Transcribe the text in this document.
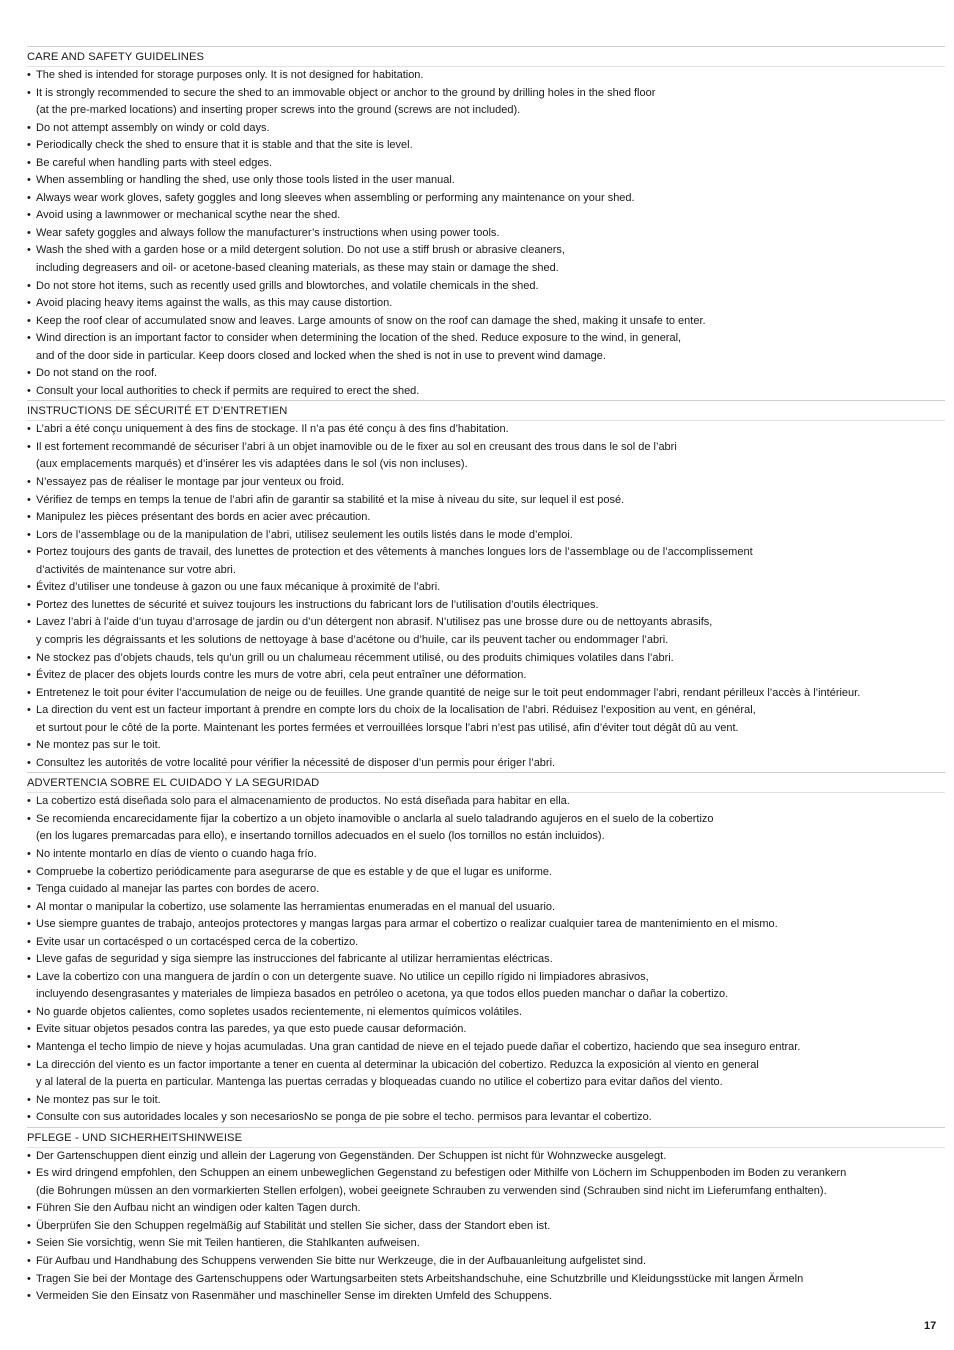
CARE AND SAFETY GUIDELINES
• The shed is intended for storage purposes only. It is not designed for habitation.
• It is strongly recommended to secure the shed to an immovable object or anchor to the ground by drilling holes in the shed floor
(at the pre-marked locations) and inserting proper screws into the ground (screws are not included).
• Do not attempt assembly on windy or cold days.
• Periodically check the shed to ensure that it is stable and that the site is level.
• Be careful when handling parts with steel edges.
• When assembling or handling the shed, use only those tools listed in the user manual.
• Always wear work gloves, safety goggles and long sleeves when assembling or performing any maintenance on your shed.
• Avoid using a lawnmower or mechanical scythe near the shed.
• Wear safety goggles and always follow the manufacturer’s instructions when using power tools.
• Wash the shed with a garden hose or a mild detergent solution. Do not use a stiff brush or abrasive cleaners,
including degreasers and oil- or acetone-based cleaning materials, as these may stain or damage the shed.
• Do not store hot items, such as recently used grills and blowtorches, and volatile chemicals in the shed.
• Avoid placing heavy items against the walls, as this may cause distortion.
• Keep the roof clear of accumulated snow and leaves. Large amounts of snow on the roof can damage the shed, making it unsafe to enter.
• Wind direction is an important factor to consider when determining the location of the shed. Reduce exposure to the wind, in general,
and of the door side in particular. Keep doors closed and locked when the shed is not in use to prevent wind damage.
• Do not stand on the roof.
• Consult your local authorities to check if permits are required to erect the shed.
INSTRUCTIONS DE SÉCURITÉ ET D’ENTRETIEN
• L’abri a été conçu uniquement à des fins de stockage. Il n’a pas été conçu à des fins d’habitation.
• Il est fortement recommandé de sécuriser l’abri à un objet inamovible ou de le fixer au sol en creusant des trous dans le sol de l’abri
(aux emplacements marqués) et d’insérer les vis adaptées dans le sol (vis non incluses).
• N’essayez pas de réaliser le montage par jour venteux ou froid.
• Vérifiez de temps en temps la tenue de l’abri afin de garantir sa stabilité et la mise à niveau du site, sur lequel il est posé.
• Manipulez les pièces présentant des bords en acier avec précaution.
• Lors de l’assemblage ou de la manipulation de l’abri, utilisez seulement les outils listés dans le mode d’emploi.
• Portez toujours des gants de travail, des lunettes de protection et des vêtements à manches longues lors de l’assemblage ou de l’accomplissement
d’activités de maintenance sur votre abri.
• Évitez d’utiliser une tondeuse à gazon ou une faux mécanique à proximité de l’abri.
• Portez des lunettes de sécurité et suivez toujours les instructions du fabricant lors de l’utilisation d’outils électriques.
• Lavez l’abri à l’aide d’un tuyau d’arrosage de jardin ou d’un détergent non abrasif. N’utilisez pas une brosse dure ou de nettoyants abrasifs,
y compris les dégraissants et les solutions de nettoyage à base d’acétone ou d’huile, car ils peuvent tacher ou endommager l’abri.
• Ne stockez pas d’objets chauds, tels qu’un grill ou un chalumeau récemment utilisé, ou des produits chimiques volatiles dans l’abri.
• Évitez de placer des objets lourds contre les murs de votre abri, cela peut entraîner une déformation.
• Entretenez le toit pour éviter l’accumulation de neige ou de feuilles. Une grande quantité de neige sur le toit peut endommager l’abri, rendant périlleux l’accès à l’intérieur.
• La direction du vent est un facteur important à prendre en compte lors du choix de la localisation de l’abri. Réduisez l’exposition au vent, en général,
et surtout pour le côté de la porte. Maintenant les portes fermées et verrouillées lorsque l’abri n’est pas utilisé, afin d’éviter tout dégât dû au vent.
• Ne montez pas sur le toit.
• Consultez les autorités de votre localité pour vérifier la nécessité de disposer d’un permis pour ériger l’abri.
ADVERTENCIA SOBRE EL CUIDADO Y LA SEGURIDAD
• La cobertizo está diseñada solo para el almacenamiento de productos. No está diseñada para habitar en ella.
• Se recomienda encarecidamente fijar la cobertizo a un objeto inamovible o anclarla al suelo taladrando agujeros en el suelo de la cobertizo
(en los lugares premarcadas para ello), e insertando tornillos adecuados en el suelo (los tornillos no están incluidos).
• No intente montarlo en días de viento o cuando haga frío.
• Compruebe la cobertizo periódicamente para asegurarse de que es estable y de que el lugar es uniforme.
• Tenga cuidado al manejar las partes con bordes de acero.
• Al montar o manipular la cobertizo, use solamente las herramientas enumeradas en el manual del usuario.
• Use siempre guantes de trabajo, anteojos protectores y mangas largas para armar el cobertizo o realizar cualquier tarea de mantenimiento en el mismo.
• Evite usar un cortacésped o un cortacésped cerca de la cobertizo.
• Lleve gafas de seguridad y siga siempre las instrucciones del fabricante al utilizar herramientas eléctricas.
• Lave la cobertizo con una manguera de jardín o con un detergente suave. No utilice un cepillo rígido ni limpiadores abrasivos,
incluyendo desengrasantes y materiales de limpieza basados en petróleo o acetona, ya que todos ellos pueden manchar o dañar la cobertizo.
• No guarde objetos calientes, como sopletes usados recientemente, ni elementos químicos volátiles.
• Evite situar objetos pesados contra las paredes, ya que esto puede causar deformación.
• Mantenga el techo limpio de nieve y hojas acumuladas. Una gran cantidad de nieve en el tejado puede dañar el cobertizo, haciendo que sea inseguro entrar.
• La dirección del viento es un factor importante a tener en cuenta al determinar la ubicación del cobertizo. Reduzca la exposición al viento en general
y al lateral de la puerta en particular. Mantenga las puertas cerradas y bloqueadas cuando no utilice el cobertizo para evitar daños del viento.
• Ne montez pas sur le toit.
• Consulte con sus autoridades locales y son necesariosNo se ponga de pie sobre el techo. permisos para levantar el cobertizo.
PFLEGE - UND SICHERHEITSHINWEISE
• Der Gartenschuppen dient einzig und allein der Lagerung von Gegenständen. Der Schuppen ist nicht für Wohnzwecke ausgelegt.
• Es wird dringend empfohlen, den Schuppen an einem unbeweglichen Gegenstand zu befestigen oder Mithilfe von Löchern im Schuppenboden im Boden zu verankern
(die Bohrungen müssen an den vormarkierten Stellen erfolgen), wobei geeignete Schrauben zu verwenden sind (Schrauben sind nicht im Lieferumfang enthalten).
• Führen Sie den Aufbau nicht an windigen oder kalten Tagen durch.
• Überprüfen Sie den Schuppen regelmäßig auf Stabilität und stellen Sie sicher, dass der Standort eben ist.
• Seien Sie vorsichtig, wenn Sie mit Teilen hantieren, die Stahlkanten aufweisen.
• Für Aufbau und Handhabung des Schuppens verwenden Sie bitte nur Werkzeuge, die in der Aufbauanleitung aufgelistet sind.
• Tragen Sie bei der Montage des Gartenschuppens oder Wartungsarbeiten stets Arbeitshandschuhe, eine Schutzbrille und Kleidungsstücke mit langen Ärmeln
• Vermeiden Sie den Einsatz von Rasenmäher und maschineller Sense im direkten Umfeld des Schuppens.
17
